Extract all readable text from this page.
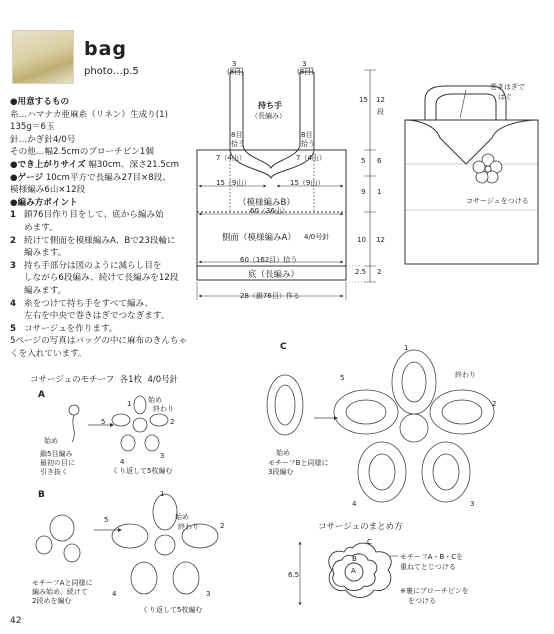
bag
photo…p.5
●用意するもの
糸…ハマナカ亜麻糸（リネン）生成り(1)
135g＝6玉
針…かぎ針4/0号
その他…幅2.5cmのブローチピン1個
●でき上がりサイズ 幅30cm、深さ21.5cm
●ゲージ 10cm平方で長編み27目×8段、
模様編み6山×12段
●編み方ポイント
1 鎖76目作り目をして、底から編み始
めます。
2 続けて側面を模様編みA、Bで23段輪に
編みます。
3 持ち手部分は図のように減らし目を
しながら6段編み、続けて長編みを12段
編みます。
4 糸をつけて持ち手をすべて編み、
左右を中央で巻きはぎでつなぎます。
5 コサージュを作ります。
5ページの写真はバッグの中に麻布のきんちゃ
くを入れています。
3
(8目)
3
(8目)
持ち手
（長編み）
8目
拾う
8目
拾う
7（4山）	7（4山）
15（9山）	15（9山）
（模様編みB）
60（36山）
側面（模様編みA） 4/0号針
60（162目）拾う
底（長編み）
28（鎖76目）作る
15 12
段
5 6
9 1
10 12
2.5 2
巻きはぎで
はぐ
コサージュをつける
コサージュのモチーフ 各1枚 4/0号針
A
始め
鎖5目編み
最初の目に
引き抜く
始め
終わり
5
1
2
3
4
くり返して5枚編む
B
モチーフAと同様に
編み始め、続けて
2段めを編む
始め
終わり
5
4	3
2
1
くり返して5枚編む
C
始め
モチーフBと同様に
3段編む
終わり
1
2
3
4
5
コサージュのまとめ方
C
B
A
6.5
モチーフA・B・Cを
重ねてとじつける
※裏にブローチピンを
をつける
42
